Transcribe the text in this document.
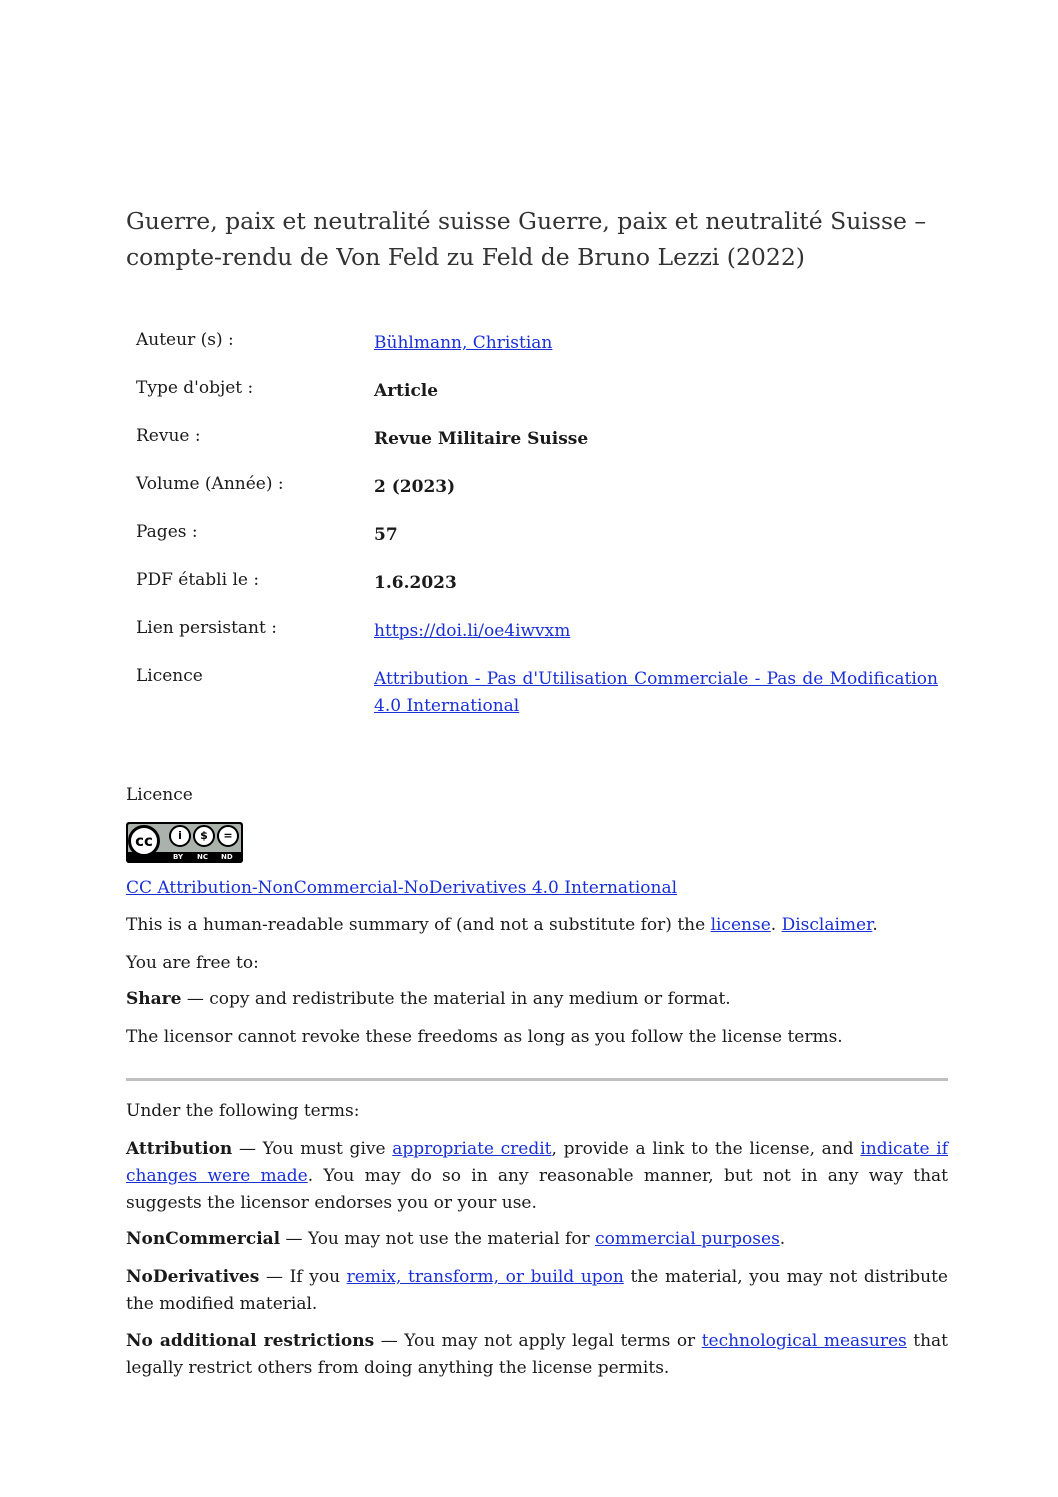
Guerre, paix et neutralité suisse Guerre, paix et neutralité Suisse – compte-rendu de Von Feld zu Feld de Bruno Lezzi (2022)
Auteur (s) :	Bühlmann, Christian
Type d'objet :	Article
Revue :	Revue Militaire Suisse
Volume (Année) :	2 (2023)
Pages :	57
PDF établi le :	1.6.2023
Lien persistant :	https://doi.li/oe4iwvxm
Licence	Attribution - Pas d'Utilisation Commerciale - Pas de Modification 4.0 International
Licence
cc	i	$	=
BY NC ND
CC Attribution-NonCommercial-NoDerivatives 4.0 International
This is a human-readable summary of (and not a substitute for) the license. Disclaimer.
You are free to:
Share — copy and redistribute the material in any medium or format.
The licensor cannot revoke these freedoms as long as you follow the license terms.
Under the following terms:
Attribution — You must give appropriate credit, provide a link to the license, and indicate if changes were made. You may do so in any reasonable manner, but not in any way that suggests the licensor endorses you or your use.
NonCommercial — You may not use the material for commercial purposes.
NoDerivatives — If you remix, transform, or build upon the material, you may not distribute the modified material.
No additional restrictions — You may not apply legal terms or technological measures that legally restrict others from doing anything the license permits.
